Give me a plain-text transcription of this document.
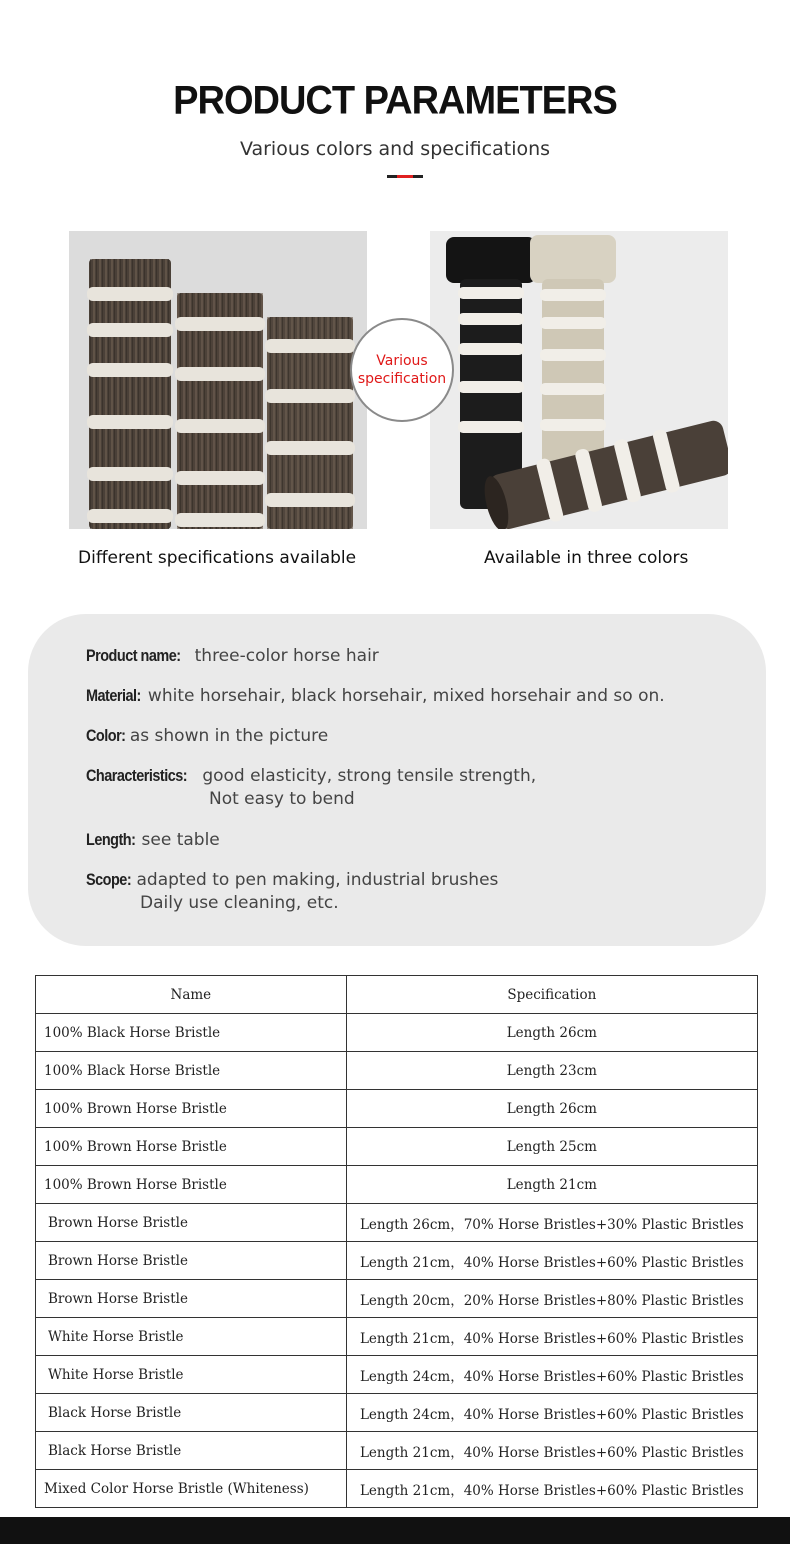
PRODUCT PARAMETERS
Various colors and specifications
Various
specification
Different specifications available	Available in three colors
Product name: three-color horse hair
Material: white horsehair, black horsehair, mixed horsehair and so on.
Color: as shown in the picture
Characteristics: good elasticity, strong tensile strength,
Not easy to bend
Length: see table
Scope: adapted to pen making, industrial brushes
Daily use cleaning, etc.
Name	Specification
100% Black Horse Bristle	Length 26cm
100% Black Horse Bristle	Length 23cm
100% Brown Horse Bristle	Length 26cm
100% Brown Horse Bristle	Length 25cm
100% Brown Horse Bristle	Length 21cm
Brown Horse Bristle	Length 26cm，70% Horse Bristles+30% Plastic Bristles
Brown Horse Bristle	Length 21cm，40% Horse Bristles+60% Plastic Bristles
Brown Horse Bristle	Length 20cm，20% Horse Bristles+80% Plastic Bristles
White Horse Bristle	Length 21cm，40% Horse Bristles+60% Plastic Bristles
White Horse Bristle	Length 24cm，40% Horse Bristles+60% Plastic Bristles
Black Horse Bristle	Length 24cm，40% Horse Bristles+60% Plastic Bristles
Black Horse Bristle	Length 21cm，40% Horse Bristles+60% Plastic Bristles
Mixed Color Horse Bristle (Whiteness)	Length 21cm，40% Horse Bristles+60% Plastic Bristles
